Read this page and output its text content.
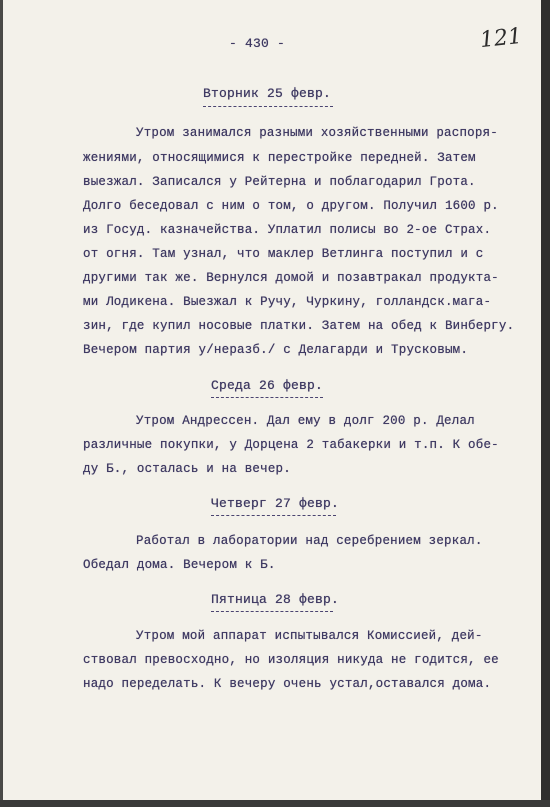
- 430 -	121
Вторник 25 февр.
Утром занимался разными хозяйственными распоря-
жениями, относящимися к перестройке передней. Затем
выезжал. Записался у Рейтерна и поблагодарил Грота.
Долго беседовал с ним о том, о другом. Получил 1600 р.
из Госуд. казначейства. Уплатил полисы во 2-ое Страх.
от огня. Там узнал, что маклер Ветлинга поступил и с
другими так же. Вернулся домой и позавтракал продукта-
ми Лодикена. Выезжал к Ручу, Чуркину, голландск.мага-
зин, где купил носовые платки. Затем на обед к Винбергу.
Вечером партия у/неразб./ с Делагарди и Трусковым.
Среда 26 февр.
Утром Андрессен. Дал ему в долг 200 р. Делал
различные покупки, у Дорцена 2 табакерки и т.п. К обе-
ду Б., осталась и на вечер.
Четверг 27 февр.
Работал в лаборатории над серебрением зеркал.
Обедал дома. Вечером к Б.
Пятница 28 февр.
Утром мой аппарат испытывался Комиссией, дей-
ствовал превосходно, но изоляция никуда не годится, ее
надо переделать. К вечеру очень устал,оставался дома.
